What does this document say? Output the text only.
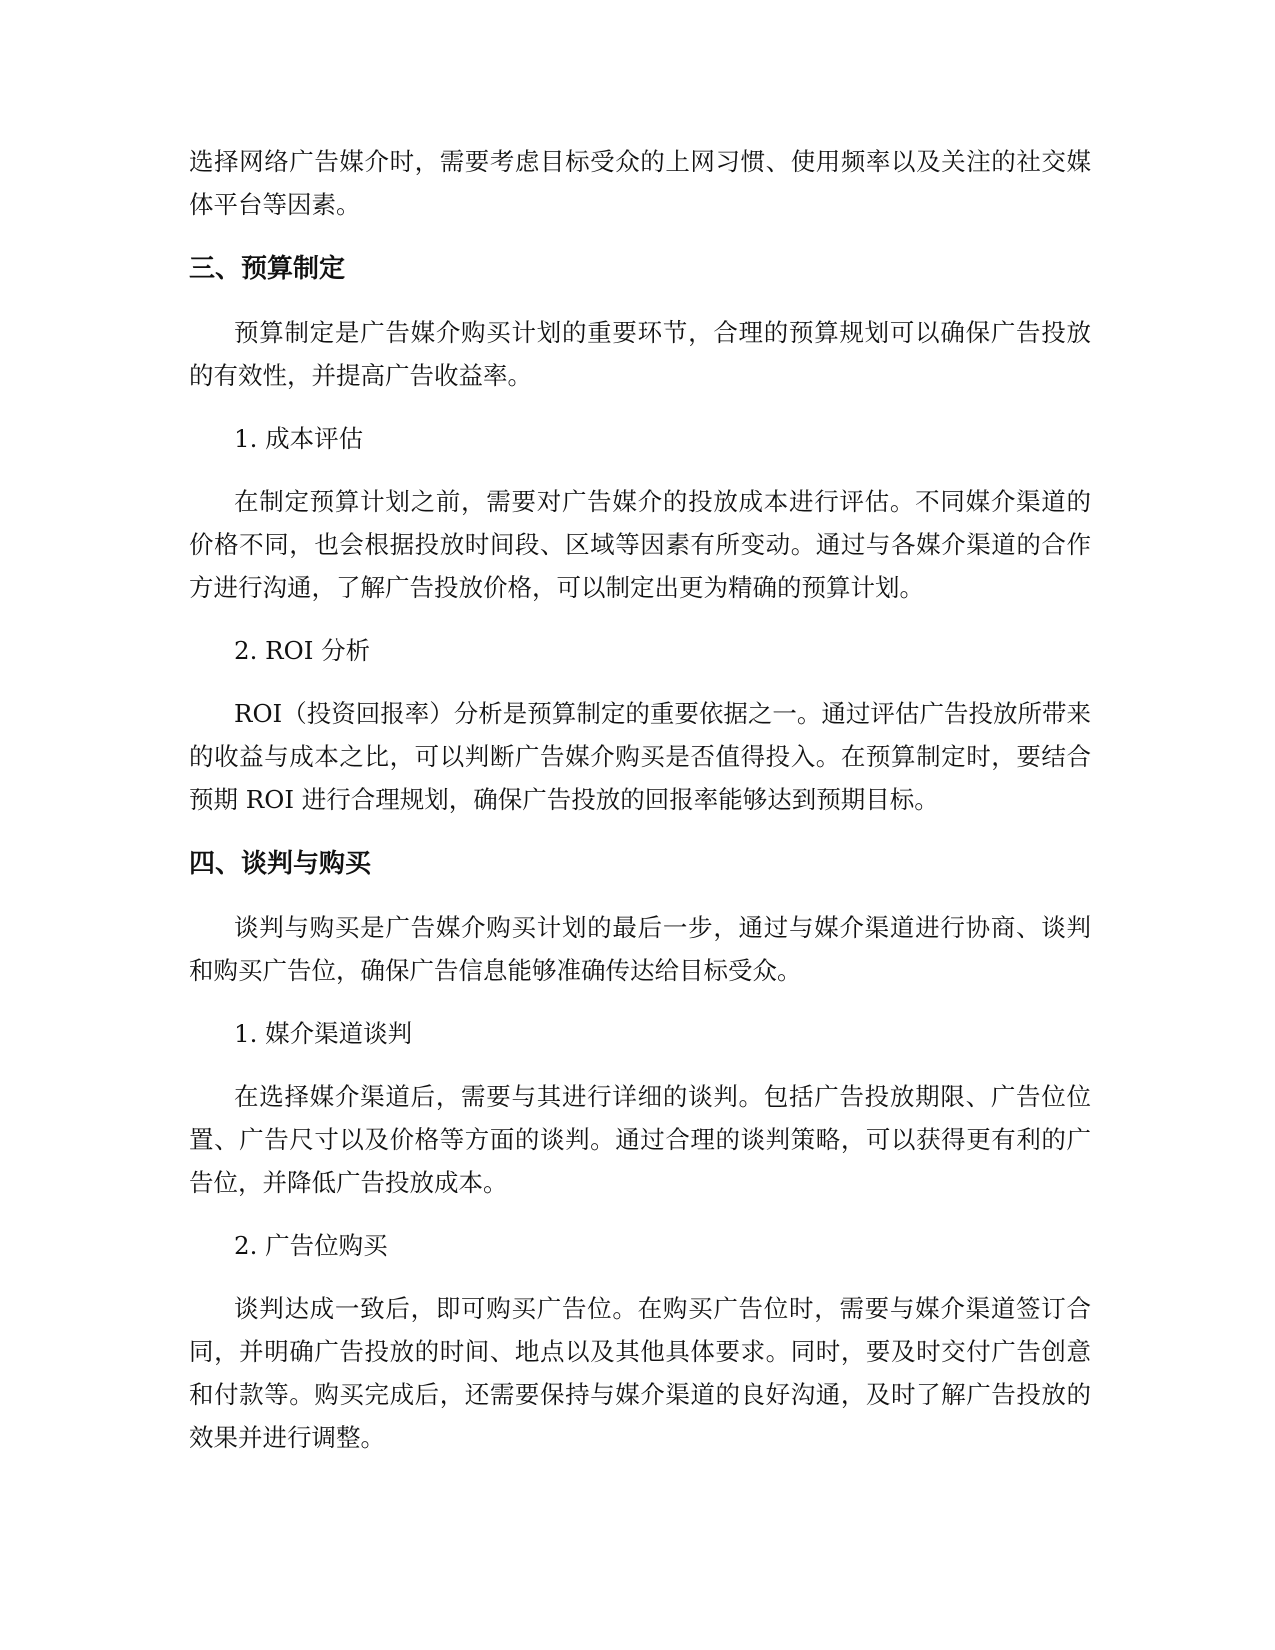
选择网络广告媒介时，需要考虑目标受众的上网习惯、使用频率以及关注的社交媒体平台等因素。

三、预算制定

预算制定是广告媒介购买计划的重要环节，合理的预算规划可以确保广告投放的有效性，并提高广告收益率。

1. 成本评估

在制定预算计划之前，需要对广告媒介的投放成本进行评估。不同媒介渠道的价格不同，也会根据投放时间段、区域等因素有所变动。通过与各媒介渠道的合作方进行沟通，了解广告投放价格，可以制定出更为精确的预算计划。

2. ROI 分析

ROI（投资回报率）分析是预算制定的重要依据之一。通过评估广告投放所带来的收益与成本之比，可以判断广告媒介购买是否值得投入。在预算制定时，要结合预期 ROI 进行合理规划，确保广告投放的回报率能够达到预期目标。

四、谈判与购买

谈判与购买是广告媒介购买计划的最后一步，通过与媒介渠道进行协商、谈判和购买广告位，确保广告信息能够准确传达给目标受众。

1. 媒介渠道谈判

在选择媒介渠道后，需要与其进行详细的谈判。包括广告投放期限、广告位位置、广告尺寸以及价格等方面的谈判。通过合理的谈判策略，可以获得更有利的广告位，并降低广告投放成本。

2. 广告位购买

谈判达成一致后，即可购买广告位。在购买广告位时，需要与媒介渠道签订合同，并明确广告投放的时间、地点以及其他具体要求。同时，要及时交付广告创意和付款等。购买完成后，还需要保持与媒介渠道的良好沟通，及时了解广告投放的效果并进行调整。
